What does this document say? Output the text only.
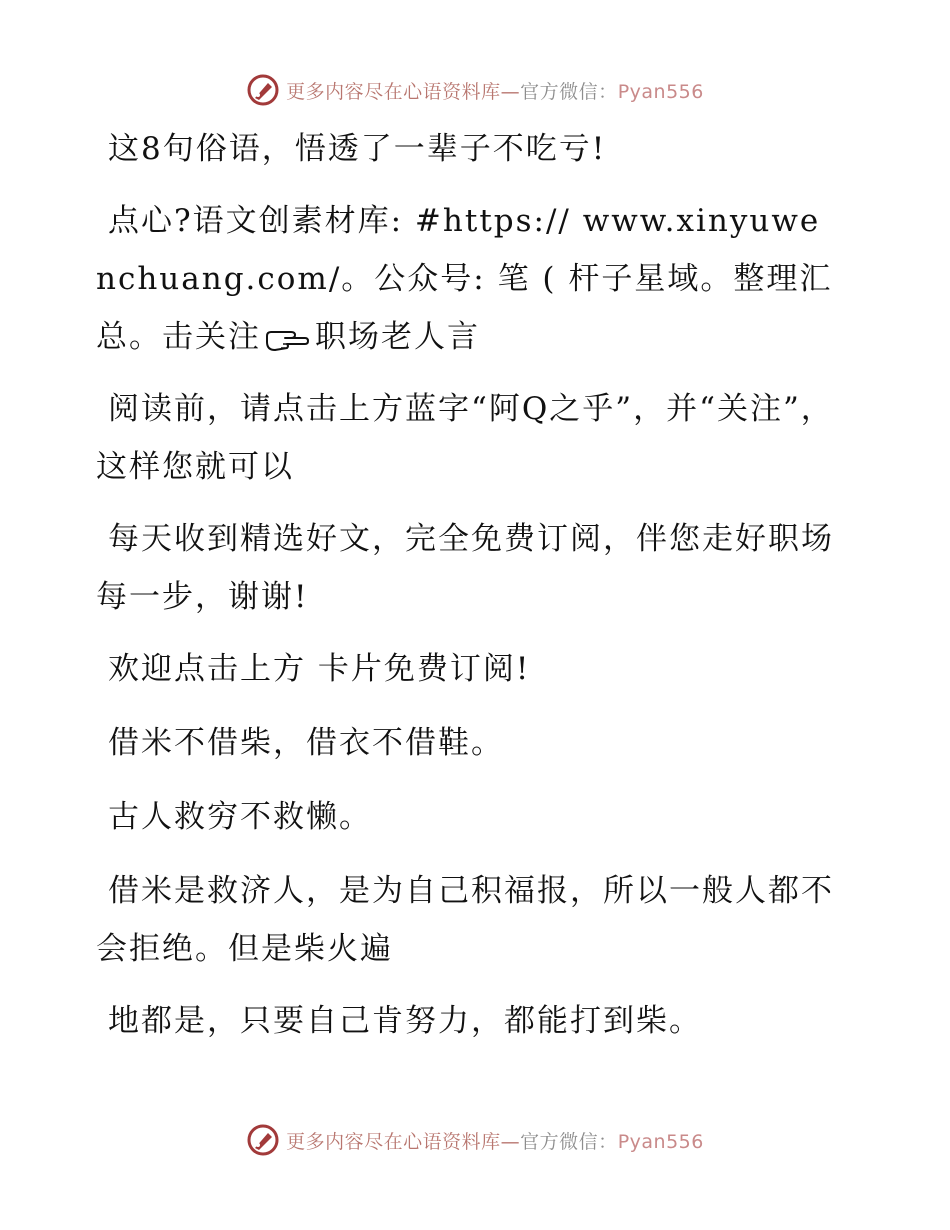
更多内容尽在心语资料库—官方微信：Pyan556

这8句俗语，悟透了一辈子不吃亏!

点心?语文创素材库: #https:// www.xinyuwenchuang.com/。公众号: 笔 ( 杆子星域。整理汇总。击关注 职场老人言

阅读前，请点击上方蓝字“阿Q之乎”，并“关注”，这样您就可以

每天收到精选好文，完全免费订阅，伴您走好职场每一步，谢谢!

欢迎点击上方 卡片免费订阅!

借米不借柴，借衣不借鞋。

古人救穷不救懒。

借米是救济人，是为自己积福报，所以一般人都不会拒绝。但是柴火遍

地都是，只要自己肯努力，都能打到柴。

更多内容尽在心语资料库—官方微信：Pyan556
